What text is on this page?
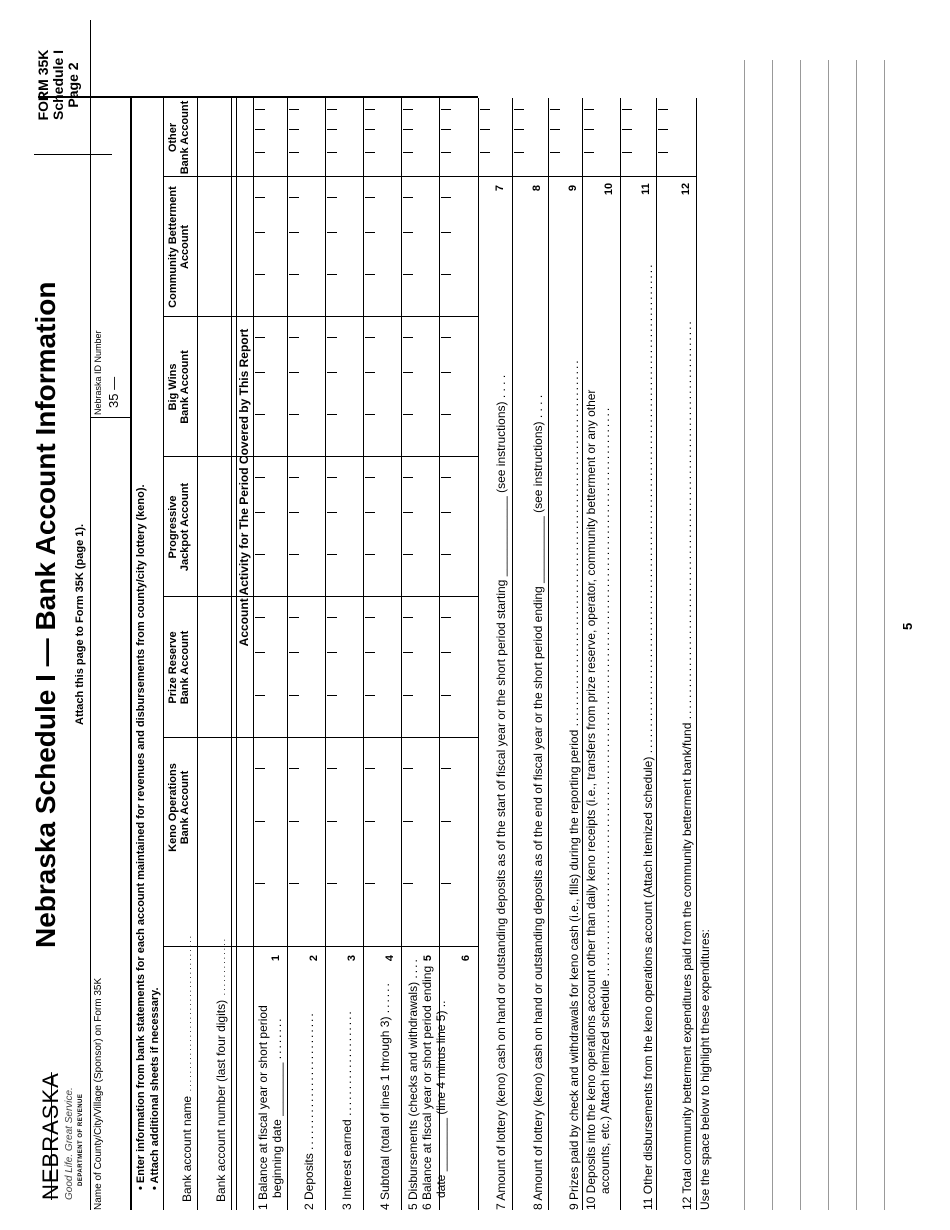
NEBRASKA Good Life. Great Service. DEPARTMENT OF REVENUE
Nebraska Schedule I — Bank Account Information Attach this page to Form 35K (page 1).
FORM 35K Schedule I Page 2
Name of County/City/Village (Sponsor) on Form 35K
Nebraska ID Number 35 —
• Enter information from bank statements for each account maintained for revenues and disbursements from county/city lottery (keno). • Attach additional sheets if necessary.
Keno Operations Bank Account
Prize Reserve Bank Account
Progressive Jackpot Account
Big Wins Bank Account
Community Betterment Account
Other Bank Account
Bank account name ................................... Bank account number (last four digits) .............
Account Activity for The Period Covered by This Report
1 Balance at fiscal year or short period beginning date ________ ........
2 Deposits ..........................
3 Interest earned .................... 4 Subtotal (total of lines 1 through 3) ...... 5 Disbursements (checks and withdrawals) .... 6 Balance at fiscal year or short period ending date ________ (line 4 minus line 5) ..
1 2 3 4 5 6 7 Amount of lottery (keno) cash on hand or outstanding deposits as of the start of fiscal year or the short period starting ____________ (see instructions) . . . .
8 Amount of lottery (keno) cash on hand or outstanding deposits as of the end of fiscal year or the short period ending __________ (see instructions) . . . .
9 Prizes paid by check and withdrawals for keno cash (i.e., fills) during the reporting period ..................................................................... 10 Deposits into the keno operations account other than daily keno receipts (i.e., transfers from prize reserve, operator, community betterment or any other accounts, etc.) Attach itemized schedule ...........................................................................................................
11 Other disbursements from the keno operations account (Attach itemized schedule) ............................................................................................
12 Total community betterment expenditures paid from the community betterment bank/fund ...........................................................................
7 8 9 10 11	12
Use the space below to highlight these expenditures:
5
